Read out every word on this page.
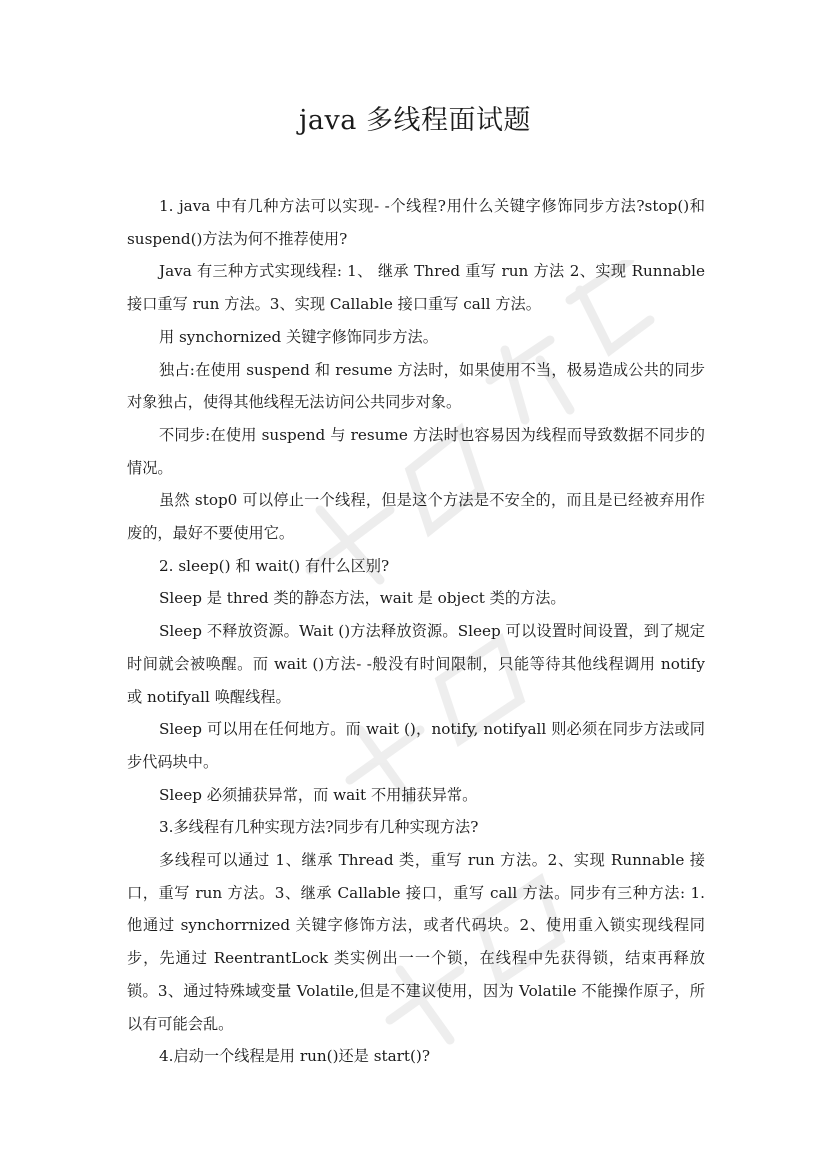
java 多线程面试题

1. java 中有几种方法可以实现- -个线程?用什么关键字修饰同步方法?stop()和 suspend()方法为何不推荐使用?

Java 有三种方式实现线程: 1、 继承 Thred 重写 run 方法 2、实现 Runnable 接口重写 run 方法。3、实现 Callable 接口重写 call 方法。

用 synchornized 关键字修饰同步方法。

独占:在使用 suspend 和 resume 方法时，如果使用不当，极易造成公共的同步对象独占，使得其他线程无法访问公共同步对象。

不同步:在使用 suspend 与 resume 方法时也容易因为线程而导致数据不同步的情况。

虽然 stop0 可以停止一个线程，但是这个方法是不安全的，而且是已经被弃用作废的，最好不要使用它。

2. sleep() 和 wait() 有什么区别?

Sleep 是 thred 类的静态方法，wait 是 object 类的方法。

Sleep 不释放资源。Wait ()方法释放资源。Sleep 可以设置时间设置，到了规定时间就会被唤醒。而 wait ()方法- -般没有时间限制，只能等待其他线程调用 notify 或 notifyall 唤醒线程。

Sleep 可以用在任何地方。而 wait ()，notify, notifyall 则必须在同步方法或同步代码块中。

Sleep 必须捕获异常，而 wait 不用捕获异常。

3.多线程有几种实现方法?同步有几种实现方法?

多线程可以通过 1、继承 Thread 类，重写 run 方法。2、实现 Runnable 接口，重写 run 方法。3、继承 Callable 接口，重写 call 方法。同步有三种方法: 1. 他通过 synchorrnized 关键字修饰方法，或者代码块。2、使用重入锁实现线程同步，先通过 ReentrantLock 类实例出一一个锁，在线程中先获得锁，结束再释放锁。3、通过特殊域变量 Volatile,但是不建议使用，因为 Volatile 不能操作原子，所以有可能会乱。

4.启动一个线程是用 run()还是 start()?
